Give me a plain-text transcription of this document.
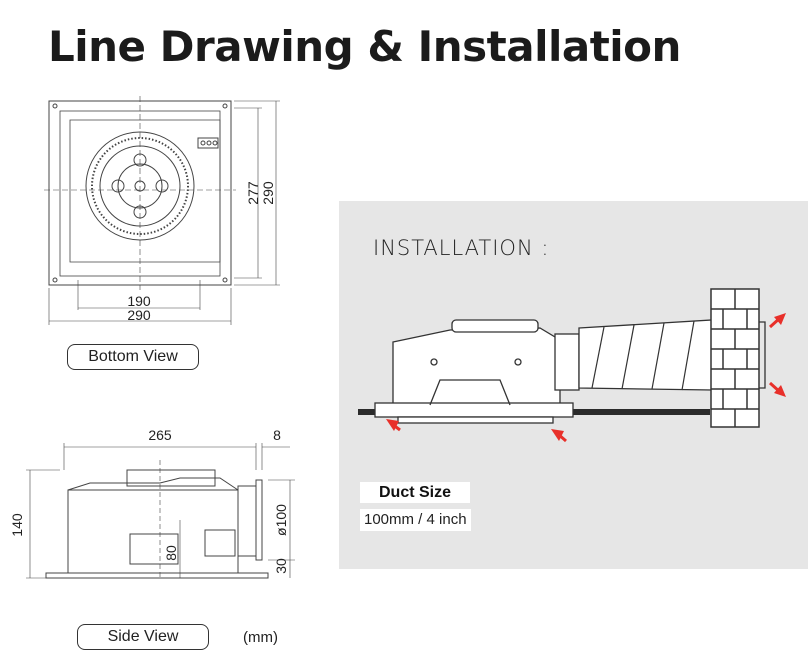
Line Drawing & Installation
190
290
277 290
Bottom View
265	8
140
80
ø100
30
Side View	(mm)
INSTALLATION :
Duct Size
100mm / 4 inch
